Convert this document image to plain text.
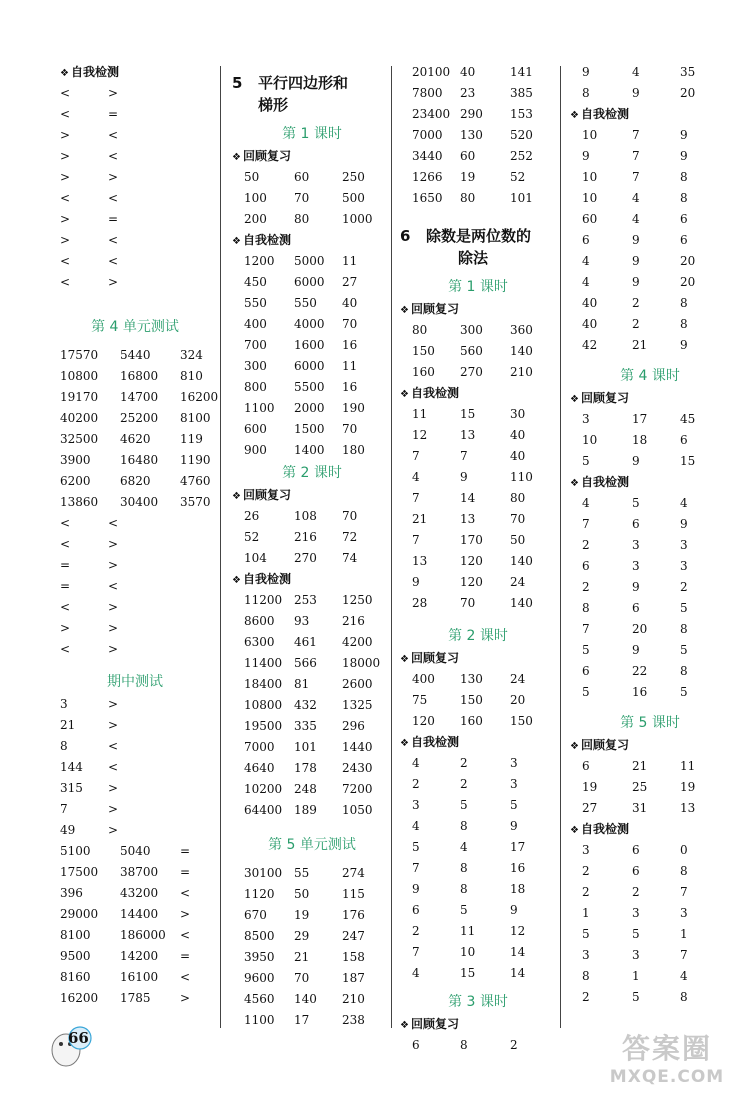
❖ 自我检测
<	>
<	=
>	<
>	<
>	>
<	<
>	=
>	<
<	<
<	>
第 4 单元测试
17570 5440 324
10800 16800 810
19170 14700 16200
40200 25200 8100
32500 4620 119
3900 16480 1190
6200 6820 4760
13860 30400 3570
<	<
<	>
=	>
=	<
<	>
>	>
<	>
期中测试
3	>
21	>
8	<
144 <
315 >
7	>
49	>
5100 5040 =
17500 38700 =
396	43200 <
29000 14400 >
8100 186000 <
9500 14200 =
8160 16100 <
16200 1785 >
5 平行四边形和
梯形
第 1 课时
❖ 回顾复习
50	60	250
100 70	500
200 80	1000
❖ 自我检测
1200 5000 11
450 6000 27
550 550 40
400 4000 70
700 1600 16
300 6000 11
800 5500 16
1100 2000 190
600 1500 70
900 1400 180
第 2 课时
❖ 回顾复习
26	108 70
52	216 72
104 270 74
❖ 自我检测
11200 253 1250
8600 93	216
6300 461 4200
11400 566 18000
18400 81	2600
10800 432 1325
19500 335 296
7000 101 1440
4640 178 2430
10200 248 7200
64400 189 1050
第 5 单元测试
30100 55	274
1120 50	115
670 19	176
8500 29	247
3950 21	158
9600 70	187
4560 140 210
1100 17	238
20100 40	141
7800 23	385
23400 290 153
7000 130 520
3440 60	252
1266 19	52
1650 80	101
6 除数是两位数的
除法
第 1 课时
❖ 回顾复习
80	300 360
150 560 140
160 270 210
❖ 自我检测
11	15	30
12	13	40
7	7	40
4	9	110
7	14	80
21	13	70
7	170 50
13	120 140
9	120 24
28	70	140
第 2 课时
❖ 回顾复习
400 130 24
75	150 20
120 160 150
❖ 自我检测
4	2	3
2	2	3
3	5	5
4	8	9
5	4	17
7	8	16
9	8	18
6	5	9
2	11	12
7	10	14
4	15	14
第 3 课时
❖ 回顾复习
6	8	2
9	4	35
8	9	20
❖ 自我检测
10	7	9
9	7	9
10	7	8
10	4	8
60	4	6
6	9	6
4	9	20
4	9	20
40	2	8
40	2	8
42	21	9
第 4 课时
❖ 回顾复习
3	17	45
10	18	6
5	9	15
❖ 自我检测
4	5	4
7	6	9
2	3	3
6	3	3
2	9	2
8	6	5
7	20	8
5	9	5
6	22	8
5	16	5
第 5 课时
❖ 回顾复习
6	21	11
19	25	19
27	31	13
❖ 自我检测
3	6	0
2	6	8
2	2	7
1	3	3
5	5	1
3	3	7
8	1	4
2	5	8
66	答案圈
MXQE.COM
